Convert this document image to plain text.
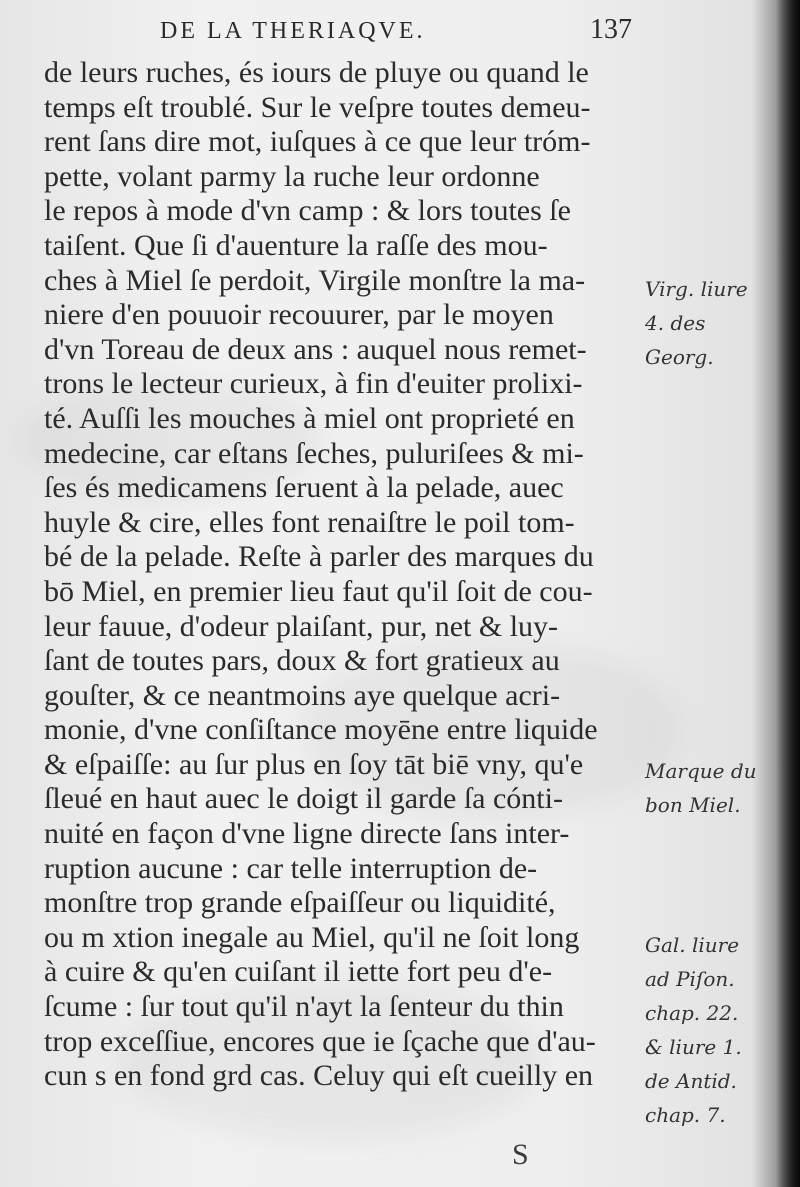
DE LA THERIAQVE.	137
de leurs ruches, és iours de pluye ou quand le
temps eſt troublé. Sur le veſpre toutes demeu-
rent ſans dire mot, iuſques à ce que leur tróm-
pette, volant parmy la ruche leur ordonne
le repos à mode d'vn camp : & lors toutes ſe
taiſent. Que ſi d'auenture la raſſe des mou-
ches à Miel ſe perdoit, Virgile monſtre la ma-
niere d'en pouuoir recouurer, par le moyen
d'vn Toreau de deux ans : auquel nous remet-
trons le lecteur curieux, à fin d'euiter prolixi-
té. Auſſi les mouches à miel ont proprieté en
medecine, car eſtans ſeches, puluriſees & mi-
ſes és medicamens ſeruent à la pelade, auec
huyle & cire, elles font renaiſtre le poil tom-
bé de la pelade. Reſte à parler des marques du
bō Miel, en premier lieu faut qu'il ſoit de cou-
leur fauue, d'odeur plaiſant, pur, net & luy-
ſant de toutes pars, doux & fort gratieux au
gouſter, & ce neantmoins aye quelque acri-
monie, d'vne conſiſtance moyēne entre liquide
& eſpaiſſe: au ſur plus en ſoy tāt biē vny, qu'e
ſleué en haut auec le doigt il garde ſa cónti-
nuité en façon d'vne ligne directe ſans inter-
ruption aucune : car telle interruption de-
monſtre trop grande eſpaiſſeur ou liquidité,
ou m xtion inegale au Miel, qu'il ne ſoit long
à cuire & qu'en cuiſant il iette fort peu d'e-
ſcume : ſur tout qu'il n'ayt la ſenteur du thin
trop exceſſiue, encores que ie ſçache que d'au-
cun s en fond grd cas. Celuy qui eſt cueilly en
Virg. liure
4. des
Georg.
Marque du
bon Miel.
Gal. liure
ad Piſon.
chap. 22.
& liure 1.
de Antid.
chap. 7.
S
